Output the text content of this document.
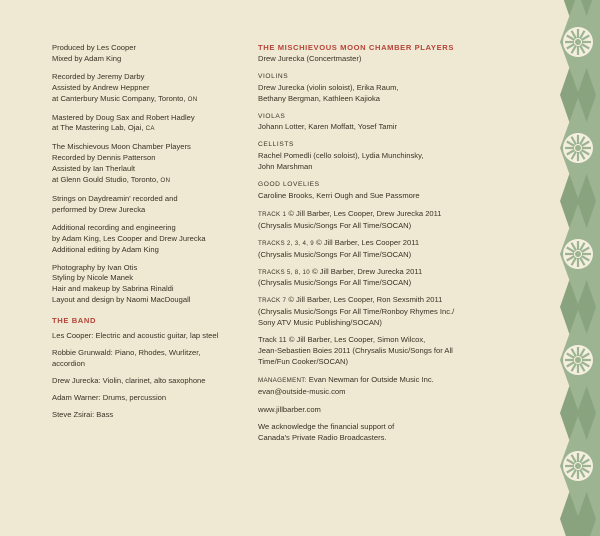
Produced by Les Cooper
Mixed by Adam King
Recorded by Jeremy Darby
Assisted by Andrew Heppner
at Canterbury Music Company, Toronto, ON
Mastered by Doug Sax and Robert Hadley
at The Mastering Lab, Ojai, CA
The Mischievous Moon Chamber Players
Recorded by Dennis Patterson
Assisted by Ian Therlault
at Glenn Gould Studio, Toronto, ON
Strings on Daydreamin' recorded and
performed by Drew Jurecka
Additional recording and engineering
by Adam King, Les Cooper and Drew Jurecka
Additional editing by Adam King
Photography by Ivan Otis
Styling by Nicole Manek
Hair and makeup by Sabrina Rinaldi
Layout and design by Naomi MacDougall
THE BAND
Les Cooper: Electric and acoustic guitar, lap steel
Robbie Grunwald: Piano, Rhodes, Wurlitzer,
accordion
Drew Jurecka: Violin, clarinet, alto saxophone
Adam Warner: Drums, percussion
Steve Zsirai: Bass
THE MISCHIEVOUS MOON CHAMBER PLAYERS
Drew Jurecka (Concertmaster)
VIOLINS
Drew Jurecka (violin soloist), Erika Raum,
Bethany Bergman, Kathleen Kajioka
VIOLAS
Johann Lotter, Karen Moffatt, Yosef Tamir
CELLISTS
Rachel Pomedli (cello soloist), Lydia Munchinsky,
John Marshman
GOOD LOVELIES
Caroline Brooks, Kerri Ough and Sue Passmore
TRACK 1 © Jill Barber, Les Cooper, Drew Jurecka 2011
(Chrysalis Music/Songs For All Time/SOCAN)
TRACKS 2, 3, 4, 9 © Jill Barber, Les Cooper 2011
(Chrysalis Music/Songs For All Time/SOCAN)
TRACKS 5, 8, 10 © Jill Barber, Drew Jurecka 2011
(Chrysalis Music/Songs For All Time/SOCAN)
TRACK 7 © Jill Barber, Les Cooper, Ron Sexsmith 2011
(Chrysalis Music/Songs For All Time/Ronboy Rhymes Inc./
Sony ATV Music Publishing/SOCAN)
Track 11 © Jill Barber, Les Cooper, Simon Wilcox,
Jean-Sebastien Boies 2011 (Chrysalis Music/Songs for All
Time/Fun Cooker/SOCAN)
MANAGEMENT: Evan Newman for Outside Music Inc.
evan@outside-music.com
www.jillbarber.com
We acknowledge the financial support of
Canada's Private Radio Broadcasters.
